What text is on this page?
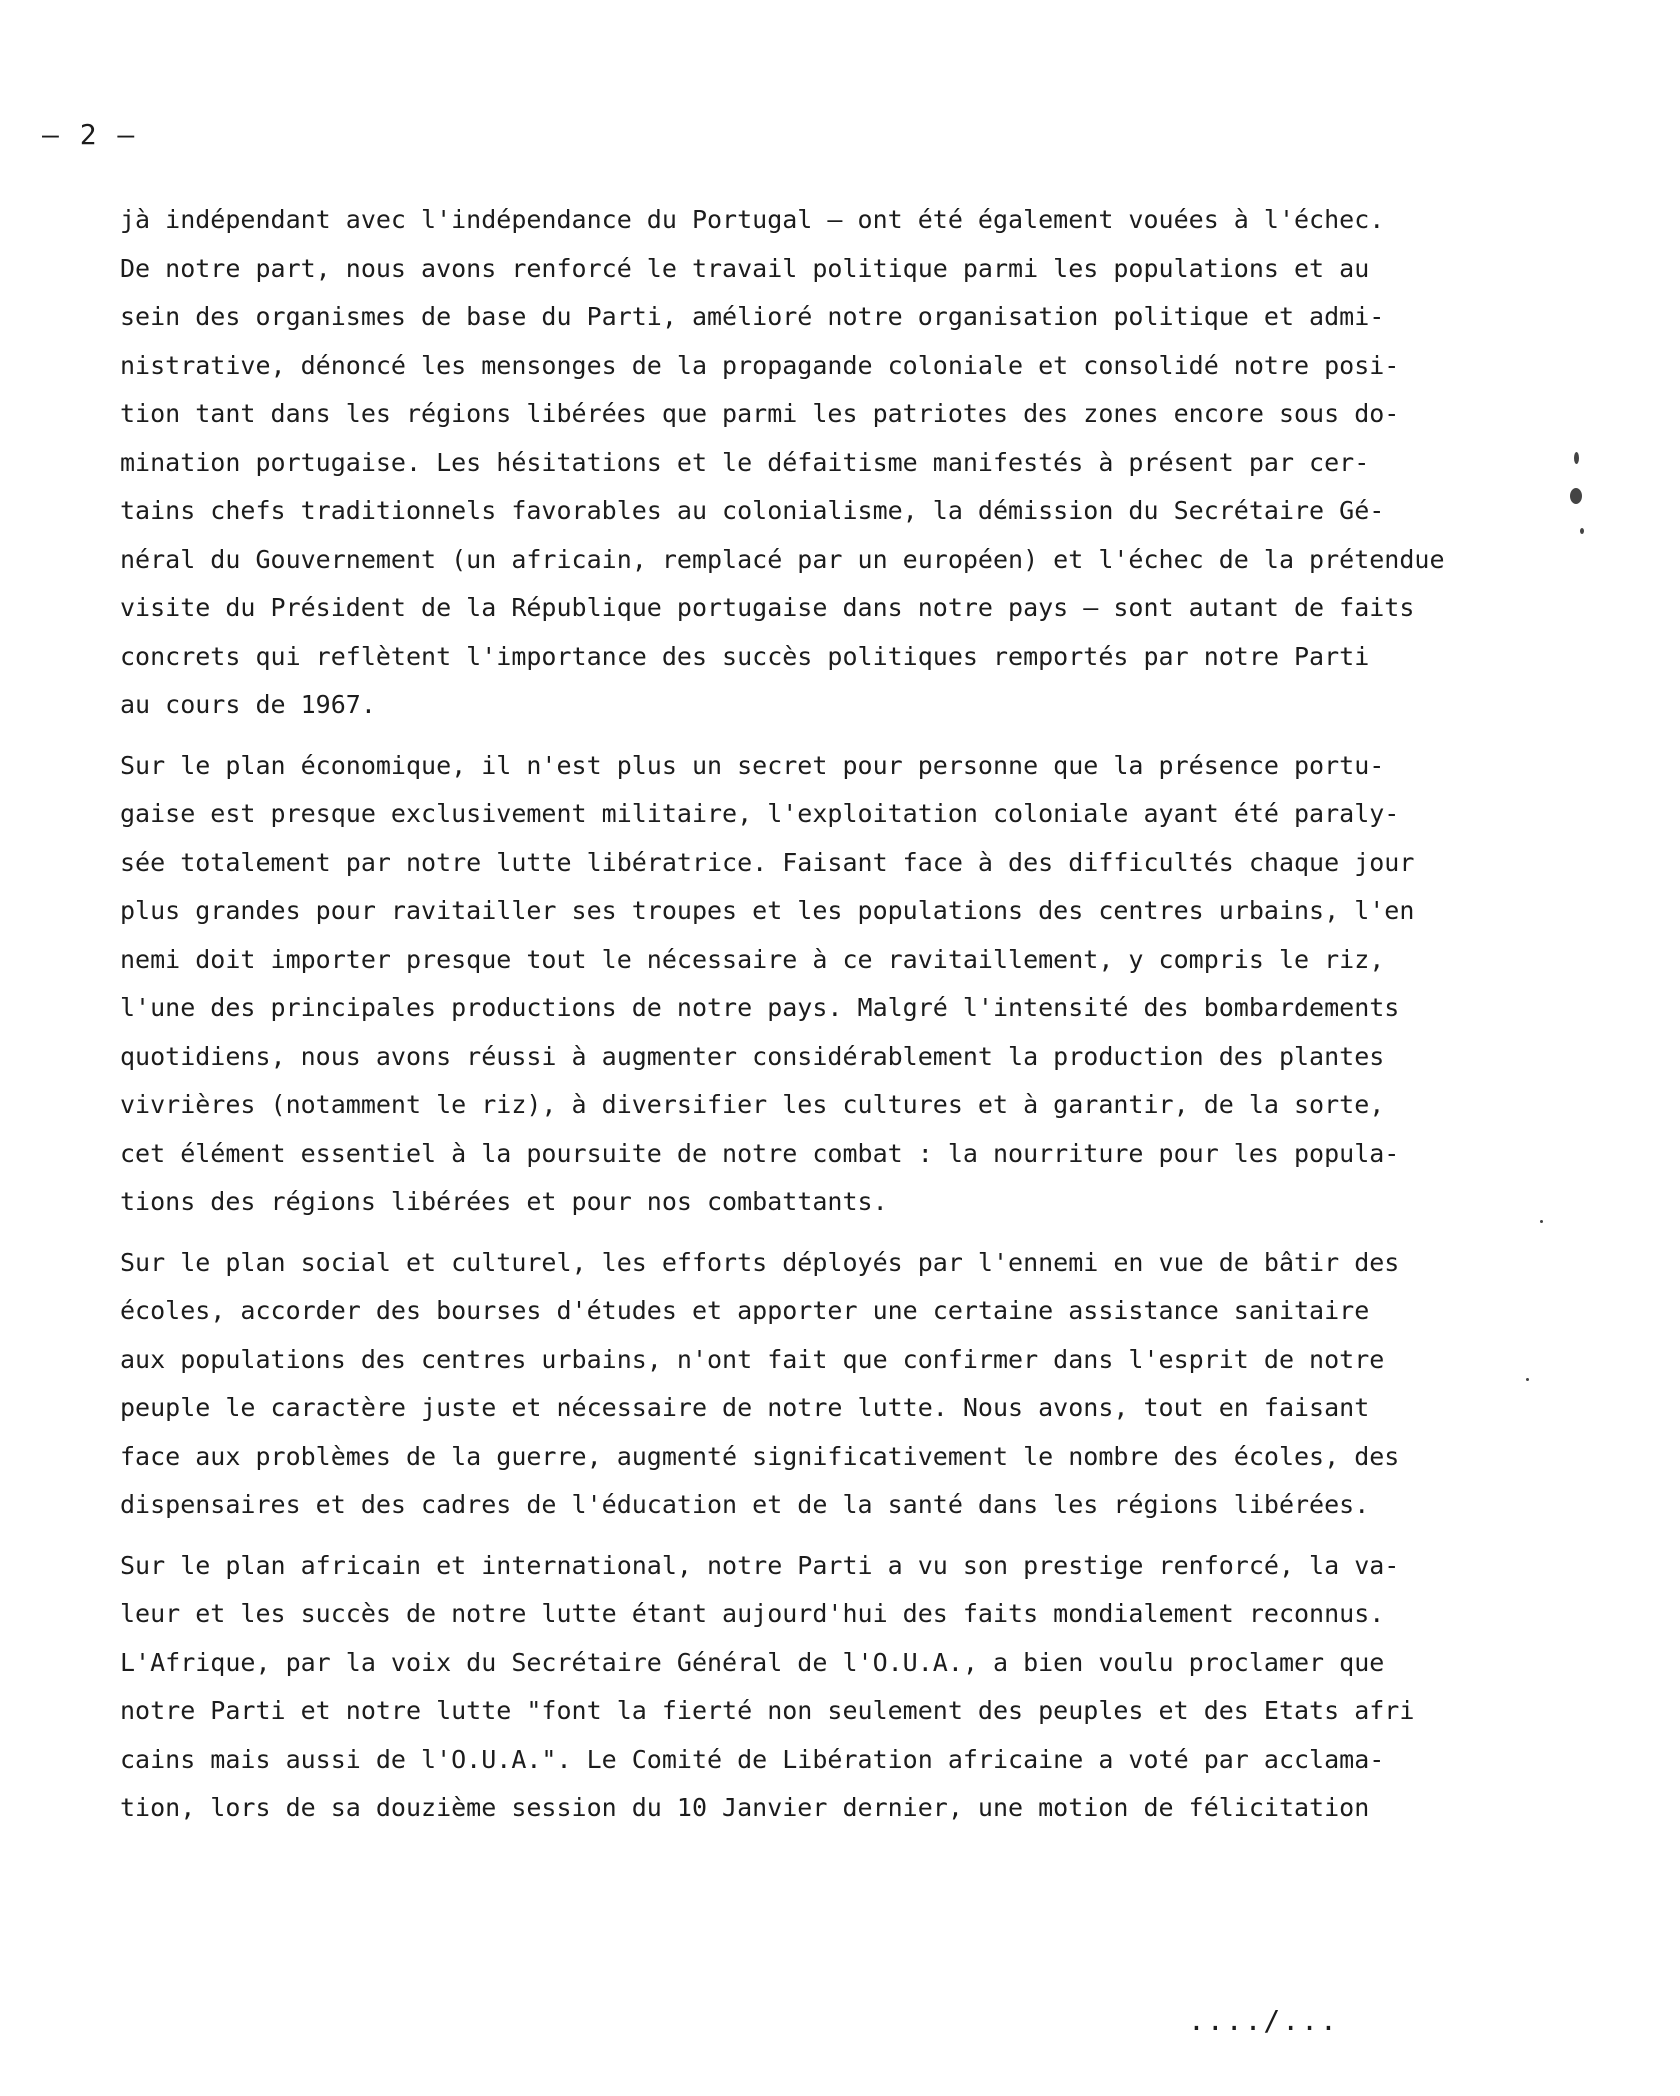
– 2 –
jà indépendant avec l'indépendance du Portugal – ont été également vouées à l'échec.
De notre part, nous avons renforcé le travail politique parmi les populations et au
sein des organismes de base du Parti, amélioré notre organisation politique et admi-
nistrative, dénoncé les mensonges de la propagande coloniale et consolidé notre posi-
tion tant dans les régions libérées que parmi les patriotes des zones encore sous do-
mination portugaise. Les hésitations et le défaitisme manifestés à présent par cer-
tains chefs traditionnels favorables au colonialisme, la démission du Secrétaire Gé-
néral du Gouvernement (un africain, remplacé par un européen) et l'échec de la prétendue
visite du Président de la République portugaise dans notre pays – sont autant de faits
concrets qui reflètent l'importance des succès politiques remportés par notre Parti
au cours de 1967.
Sur le plan économique, il n'est plus un secret pour personne que la présence portu-
gaise est presque exclusivement militaire, l'exploitation coloniale ayant été paraly-
sée totalement par notre lutte libératrice. Faisant face à des difficultés chaque jour
plus grandes pour ravitailler ses troupes et les populations des centres urbains, l'en
nemi doit importer presque tout le nécessaire à ce ravitaillement, y compris le riz,
l'une des principales productions de notre pays. Malgré l'intensité des bombardements
quotidiens, nous avons réussi à augmenter considérablement la production des plantes
vivrières (notamment le riz), à diversifier les cultures et à garantir, de la sorte,
cet élément essentiel à la poursuite de notre combat : la nourriture pour les popula-
tions des régions libérées et pour nos combattants.
Sur le plan social et culturel, les efforts déployés par l'ennemi en vue de bâtir des
écoles, accorder des bourses d'études et apporter une certaine assistance sanitaire
aux populations des centres urbains, n'ont fait que confirmer dans l'esprit de notre
peuple le caractère juste et nécessaire de notre lutte. Nous avons, tout en faisant
face aux problèmes de la guerre, augmenté significativement le nombre des écoles, des
dispensaires et des cadres de l'éducation et de la santé dans les régions libérées.
Sur le plan africain et international, notre Parti a vu son prestige renforcé, la va-
leur et les succès de notre lutte étant aujourd'hui des faits mondialement reconnus.
L'Afrique, par la voix du Secrétaire Général de l'O.U.A., a bien voulu proclamer que
notre Parti et notre lutte "font la fierté non seulement des peuples et des Etats afri
cains mais aussi de l'O.U.A.". Le Comité de Libération africaine a voté par acclama-
tion, lors de sa douzième session du 10 Janvier dernier, une motion de félicitation
..../...
